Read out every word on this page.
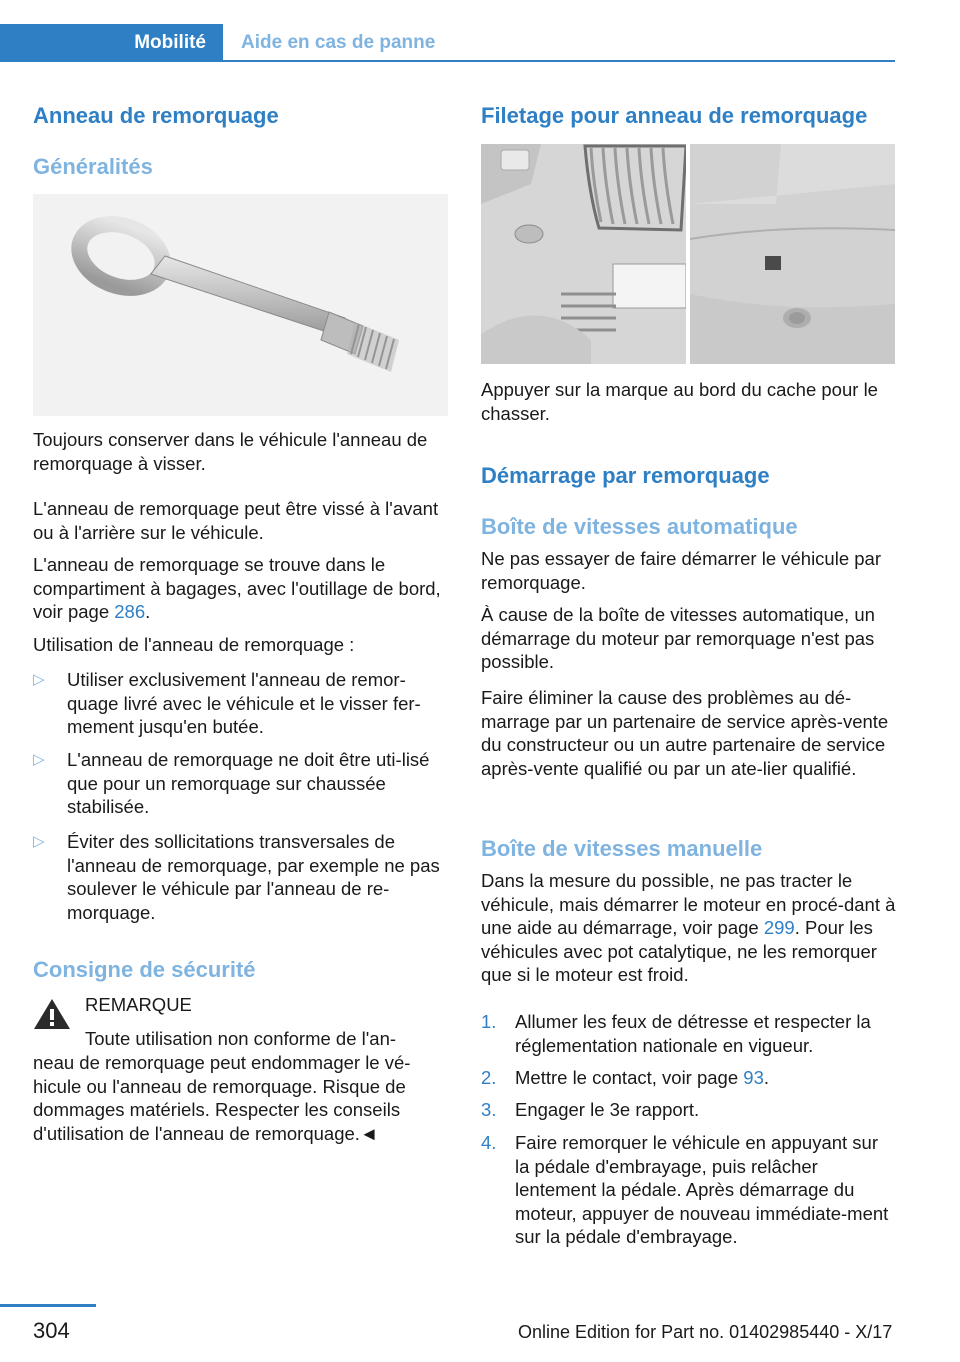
Mobilité	Aide en cas de panne
Anneau de remorquage
Généralités
Toujours conserver dans le véhicule l'anneau de remorquage à visser.
L'anneau de remorquage peut être vissé à l'avant ou à l'arrière sur le véhicule.
L'anneau de remorquage se trouve dans le compartiment à bagages, avec l'outillage de bord, voir page 286.
Utilisation de l'anneau de remorquage :
▷	Utiliser exclusivement l'anneau de remor-quage livré avec le véhicule et le visser fer-mement jusqu'en butée.
▷	L'anneau de remorquage ne doit être uti-lisé que pour un remorquage sur chaussée stabilisée.
▷	Éviter des sollicitations transversales de l'anneau de remorquage, par exemple ne pas soulever le véhicule par l'anneau de re-morquage.
Consigne de sécurité
REMARQUE
Toute utilisation non conforme de l'an-
neau de remorquage peut endommager le vé-hicule ou l'anneau de remorquage. Risque de dommages matériels. Respecter les conseils d'utilisation de l'anneau de remorquage.◄
Filetage pour anneau de remorquage
Appuyer sur la marque au bord du cache pour le chasser.
Démarrage par remorquage
Boîte de vitesses automatique
Ne pas essayer de faire démarrer le véhicule par remorquage.
À cause de la boîte de vitesses automatique, un démarrage du moteur par remorquage n'est pas possible.
Faire éliminer la cause des problèmes au dé-marrage par un partenaire de service après-vente du constructeur ou un autre partenaire de service après-vente qualifié ou par un ate-lier qualifié.
Boîte de vitesses manuelle
Dans la mesure du possible, ne pas tracter le véhicule, mais démarrer le moteur en procé-dant à une aide au démarrage, voir page 299. Pour les véhicules avec pot catalytique, ne les remorquer que si le moteur est froid.
1. Allumer les feux de détresse et respecter la réglementation nationale en vigueur.
2. Mettre le contact, voir page 93.
3. Engager le 3e rapport.
4. Faire remorquer le véhicule en appuyant sur la pédale d'embrayage, puis relâcher lentement la pédale. Après démarrage du moteur, appuyer de nouveau immédiate-ment sur la pédale d'embrayage.
304	Online Edition for Part no. 01402985440 - X/17
